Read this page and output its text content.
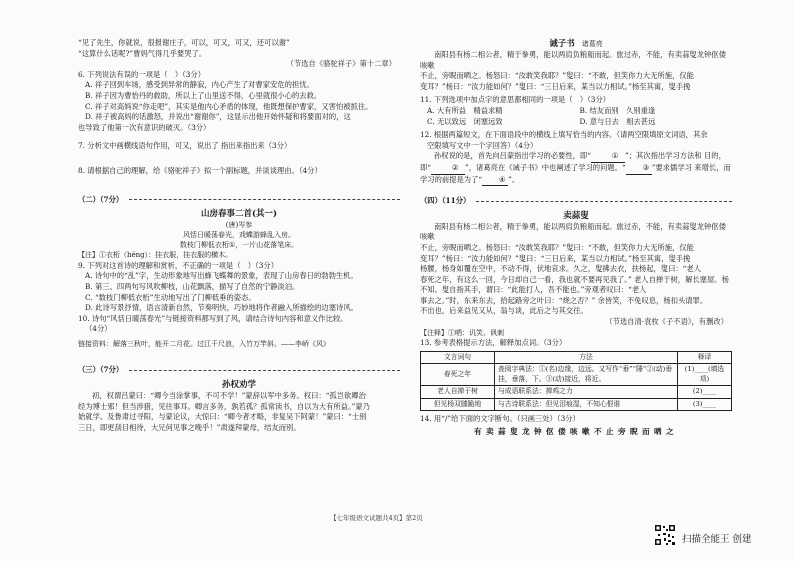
“见了先生，你就说，很报谢庄子，可以，可又，可又，还可以谢”

“这算什么话呢?”曹妈气得几乎要哭了。

（节选自《骆驼祥子》第十二章）

6. 下列说法有误的一项是（　）（3分）

A. 祥子回到车场，感受到异常的静寂，内心产生了对曹家安危的担忧。

B. 祥子因为曹怡丹的救助，所以上了山里送不得，心里就很小心的去救。

C. 祥子对高妈说“你走吧”，其实是他内心矛盾的体现，他既想保护曹家，又害怕被抓住。

D. 祥子被高妈的话激怒，并说出“谢谢你”，这显示出他开始怀疑和将要面对的，这

也导致了他第一次有意识的破灭。（3分）

7. 分析文中画横线语句作用，可又，说出了 指出来指出来（3分）

8. 请根据自己的理解，给《骆驼祥子》拟一个副标题，并谈谈理由。（4分）

（二）（7分）

山房春事二首(其一)

(唐)岑参

风恬日暖荡春光，戏蝶游蜂乱入房。

数枝门柳低衣桁①，一片山花落笔床。

【注】①衣桁（héng）：挂衣服，挂衣服的横木。

9. 下列对这首诗的理解和赏析，不正确的一项是（　）（3分）

A. 诗句中的“乱”字，生动形象地写出蜂飞蝶舞的景象，表现了山房春日的勃勃生机。

B. 第三、四两句写风吹柳枝，山花飘落，描写了自然的宁静淡泊。

C. “数枝门柳低衣桁”生动地写出了门柳低垂的姿态。

D. 此诗写景抒情，语言清新自然，节奏明快，巧妙地将作者融入所描绘的边塞诗风。

10. 诗句“风恬日暖荡春光”与链接资料都写到了风，请结合诗句内容和意义作比较。

（4分）

链接资料：解落三秋叶，能开二月花。过江千尺浪，入竹万竿斜。——李峤《风》

（三）（7分）

孙权劝学

初，权谓吕蒙曰：“卿今当涂掌事，不可不学！”蒙辞以军中多务。权曰：“孤岂欲卿治

经为博士邪！但当涉猎，见往事耳。卿言多务，孰若孤？孤常读书，自以为大有所益。”蒙乃

始就学。及鲁肃过寻阳，与蒙论议，大惊曰：“卿今者才略，非复吴下阿蒙！”蒙曰：“士别

三日，即更刮目相待，大兄何见事之晚乎！”肃遂拜蒙母，结友而别。

诫子书 诸葛亮

南阳县有杨二相公者，精于拳勇，能以两肩负粮船而起。旅过赤，不能，有卖蒜叟龙钟伛偻咳嗽

不止，旁睨而哂之。杨怒曰：“汝敢笑我耶？”叟曰：“不敢，但笑你力大无所施，仅能

变耳？”杨曰：“汝力能如何？”叟曰：“三日后来，某当以力相试。”杨至其寓，叟手挽

11. 下列选项中加点字的意思都相同的一项是（　）（3分）

A. 大有所益　精益求精	B. 结友而别　久别重逢
C. 无以致远　闭塞远致	D. 意与日去　相去甚远

12. 根据两篇短文，在下面语段中的横线上填写恰当的内容。（请两空限填原文词语，其余

空限填写文中一个字回答）（4分）

孙权说的是，首先向吕蒙指出学习的必要性，即“	① ”；其次指出学习方法和 目的，即“	② ”，诸葛亮在《诫子书》中也阐述了学习的问题。“ ③ ”要求儒学习 来增长，而学习的前提是为了“ ④ ”。

（四）（11分）

卖蒜叟

南阳县有杨二相公者，精于拳勇，能以两肩负粮船而起。旅过赤，不能，有卖蒜叟龙钟伛偻咳嗽

不止，旁睨而哂之。杨怒曰：“汝敢笑我耶？”叟曰：“不敢，但笑你力大无所施，仅能

变耳？”杨曰：“汝力能如何？”叟曰：“三日后来，某当以力相试。”杨至其寓，叟手挽

杨腰，杨身如覆在空中，不动不得，伏地哀求。久之，叟拂去衣，扶杨起，叟曰：“老人

春死之年，有这么一回，今日却自己一看，我也就不要再见我了。” 老人自掸于树，解长塞屋。杨

不知。叟自指其手，谓曰：“此能打人，吾不能也。”旁观者叹曰：“老人

事去之。”时，东来东去，拾起路旁之叶曰：“烧之否？” 余皆笑，不免叹息，杨扣头请罪。

不出也，后来益见又从，翁与谈，此后之与其交往。

（节选自清·袁枚《子不语》，有删改）

【注释】①哂：讥笑、讽刺

13. 参考表格提示方法，解释加点词。（3分）

文言词句	方法	释译
春死之年	查阅字典法：①(名)边缘，边远。又写作“垂”“陲”②(动)垂挂，垂落，下。③(动)接近，将近。	(1)____(填选项)
老人自掸于树	与成语联系法：掸鸡之力	(2)____
但见杨双膝跪地	与古诗联系法：但见泪痕湿，不知心恨谁	(3)____

14. 用“/”给下面的文字断句。（只画三处）（3分）

有卖蒜叟龙钟伛偻咳嗽不止旁睨而哂之

【七年级语文试题共4页】第2页
扫描全能王 创建
